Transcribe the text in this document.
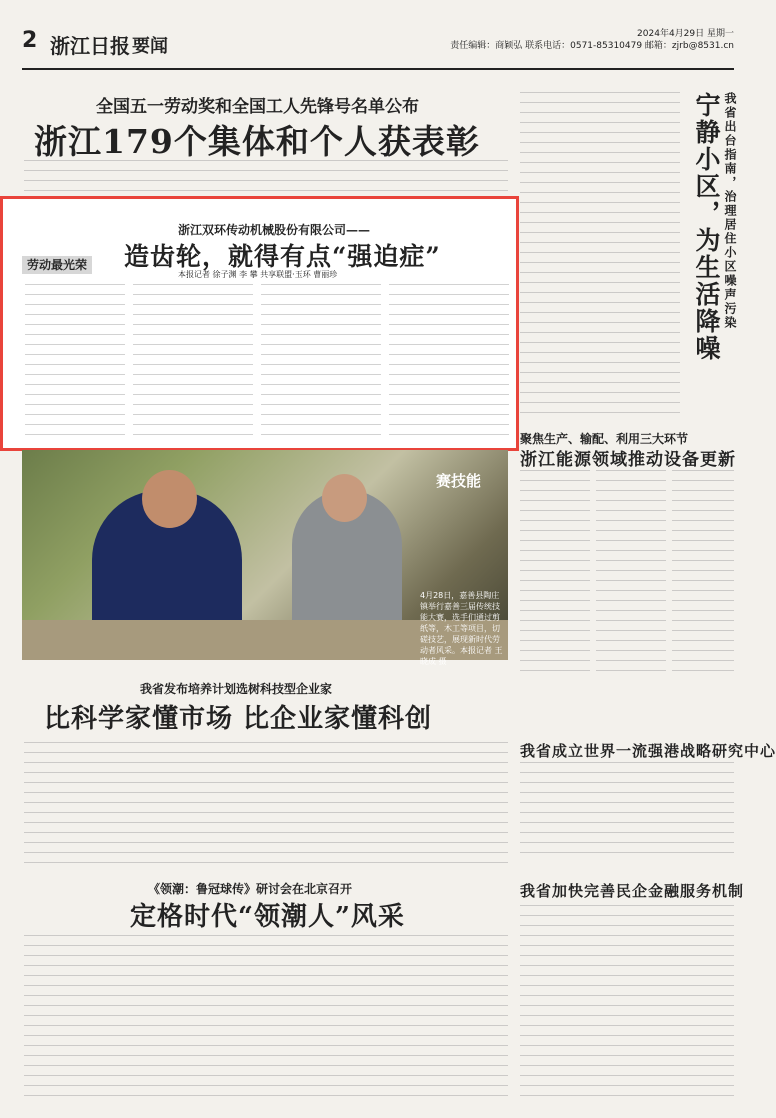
2 浙江日报 要闻
2024年4月29日 星期一
责任编辑：商颖弘 联系电话：0571-85310479 邮箱：zjrb@8531.cn
全国五一劳动奖和全国工人先锋号名单公布
浙江179个集体和个人获表彰
浙江双环传动机械股份有限公司——
造齿轮，就得有点“强迫症”
本报记者 徐子渊 李 攀 共享联盟·玉环 曹丽珍
劳动最光荣	宁静小区，为生活降噪 我省出台指南，治理居住小区噪声污染
聚焦生产、输配、利用三大环节
浙江能源领域推动设备更新
赛技能
4月28日，嘉善县陶庄镇举行嘉善三届传统技能大赛，选手们通过剪纸等，木工等项目，切磋技艺，展现新时代劳动者风采。本报记者 王晓成 摄
我省发布培养计划选树科技型企业家
比科学家懂市场 比企业家懂科创
我省成立世界一流强港战略研究中心
《领潮：鲁冠球传》研讨会在北京召开
定格时代“领潮人”风采
我省加快完善民企金融服务机制
